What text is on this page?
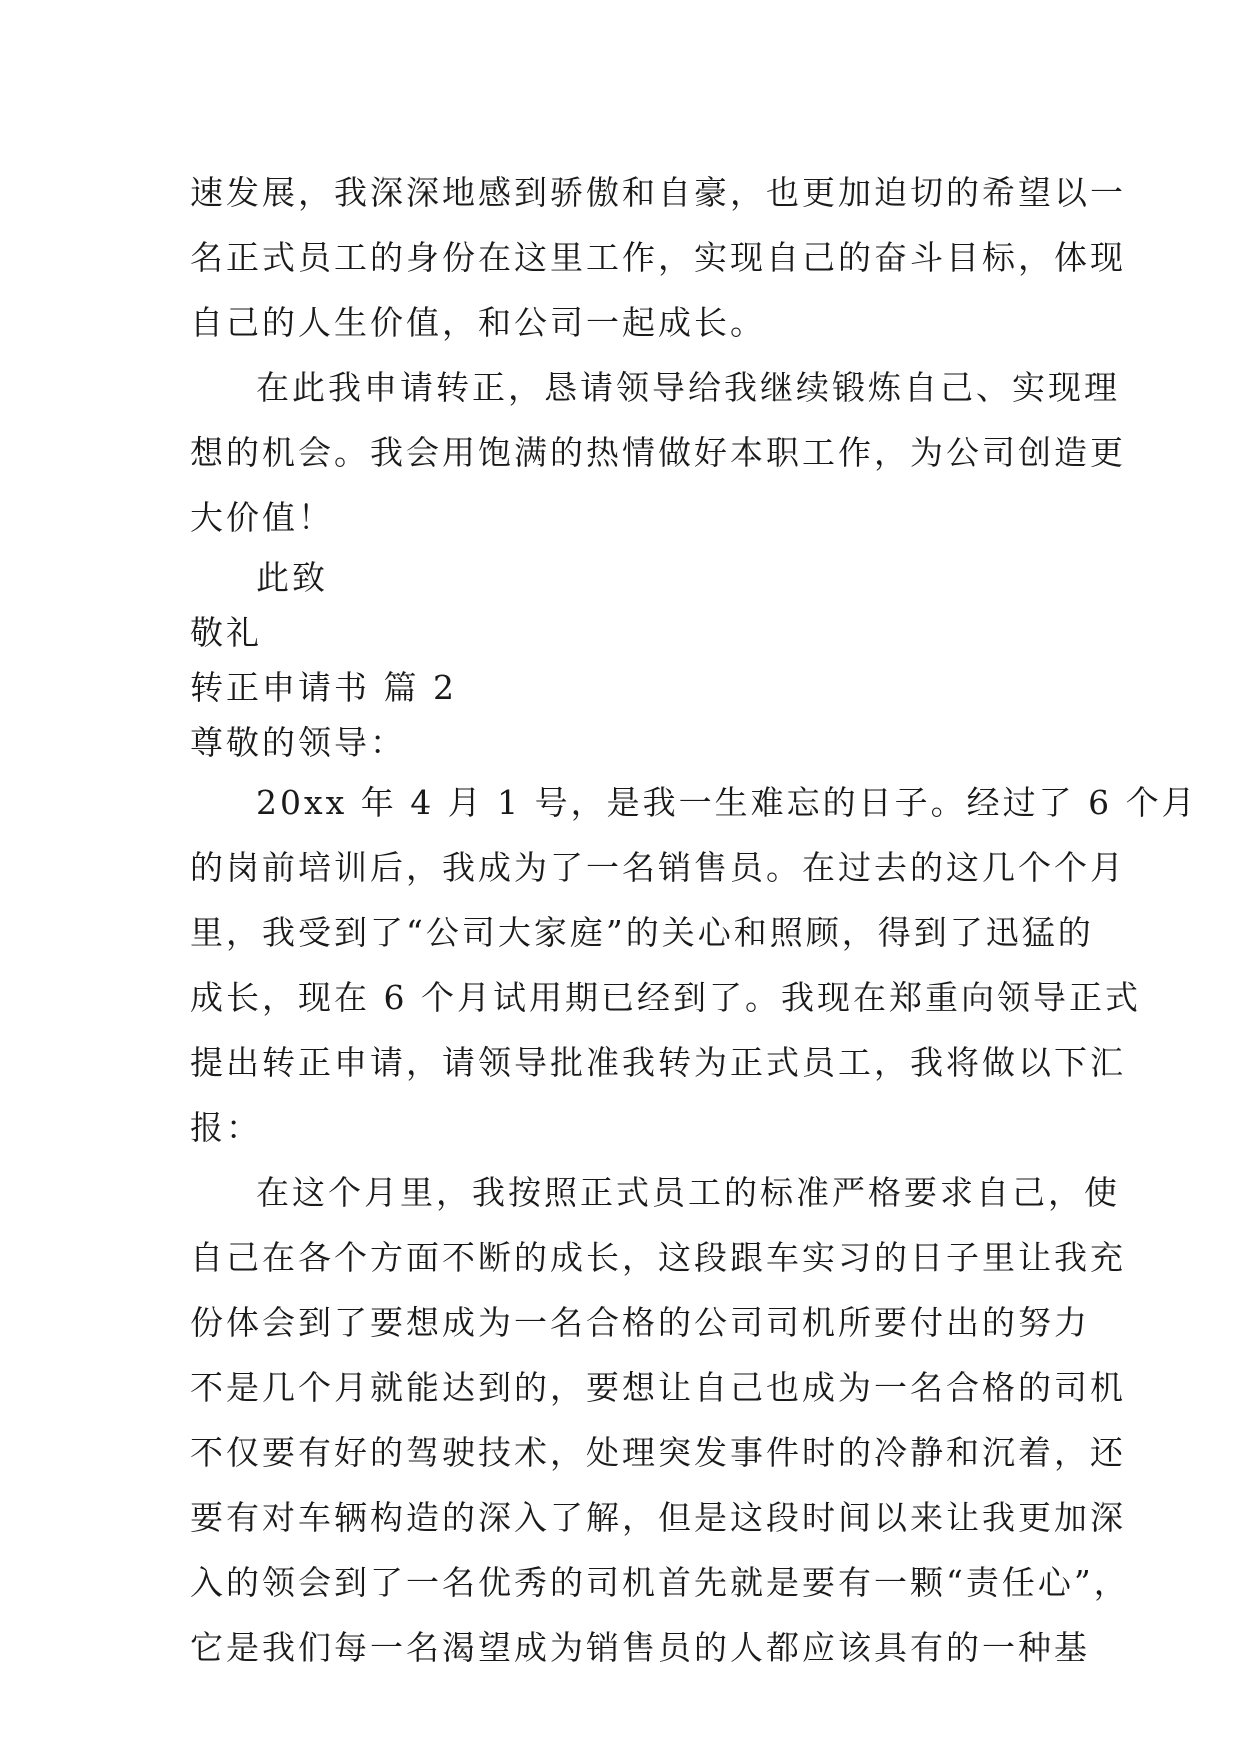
速发展，我深深地感到骄傲和自豪，也更加迫切的希望以一
名正式员工的身份在这里工作，实现自己的奋斗目标，体现
自己的人生价值，和公司一起成长。
在此我申请转正，恳请领导给我继续锻炼自己、实现理
想的机会。我会用饱满的热情做好本职工作，为公司创造更
大价值！
此致
敬礼
转正申请书 篇 2
尊敬的领导：
20xx 年 4 月 1 号，是我一生难忘的日子。经过了 6 个月
的岗前培训后，我成为了一名销售员。在过去的这几个个月
里，我受到了“公司大家庭”的关心和照顾，得到了迅猛的
成长，现在 6 个月试用期已经到了。我现在郑重向领导正式
提出转正申请，请领导批准我转为正式员工，我将做以下汇
报：
在这个月里，我按照正式员工的标准严格要求自己，使
自己在各个方面不断的成长，这段跟车实习的日子里让我充
份体会到了要想成为一名合格的公司司机所要付出的努力
不是几个月就能达到的，要想让自己也成为一名合格的司机
不仅要有好的驾驶技术，处理突发事件时的冷静和沉着，还
要有对车辆构造的深入了解，但是这段时间以来让我更加深
入的领会到了一名优秀的司机首先就是要有一颗“责任心”，
它是我们每一名渴望成为销售员的人都应该具有的一种基
